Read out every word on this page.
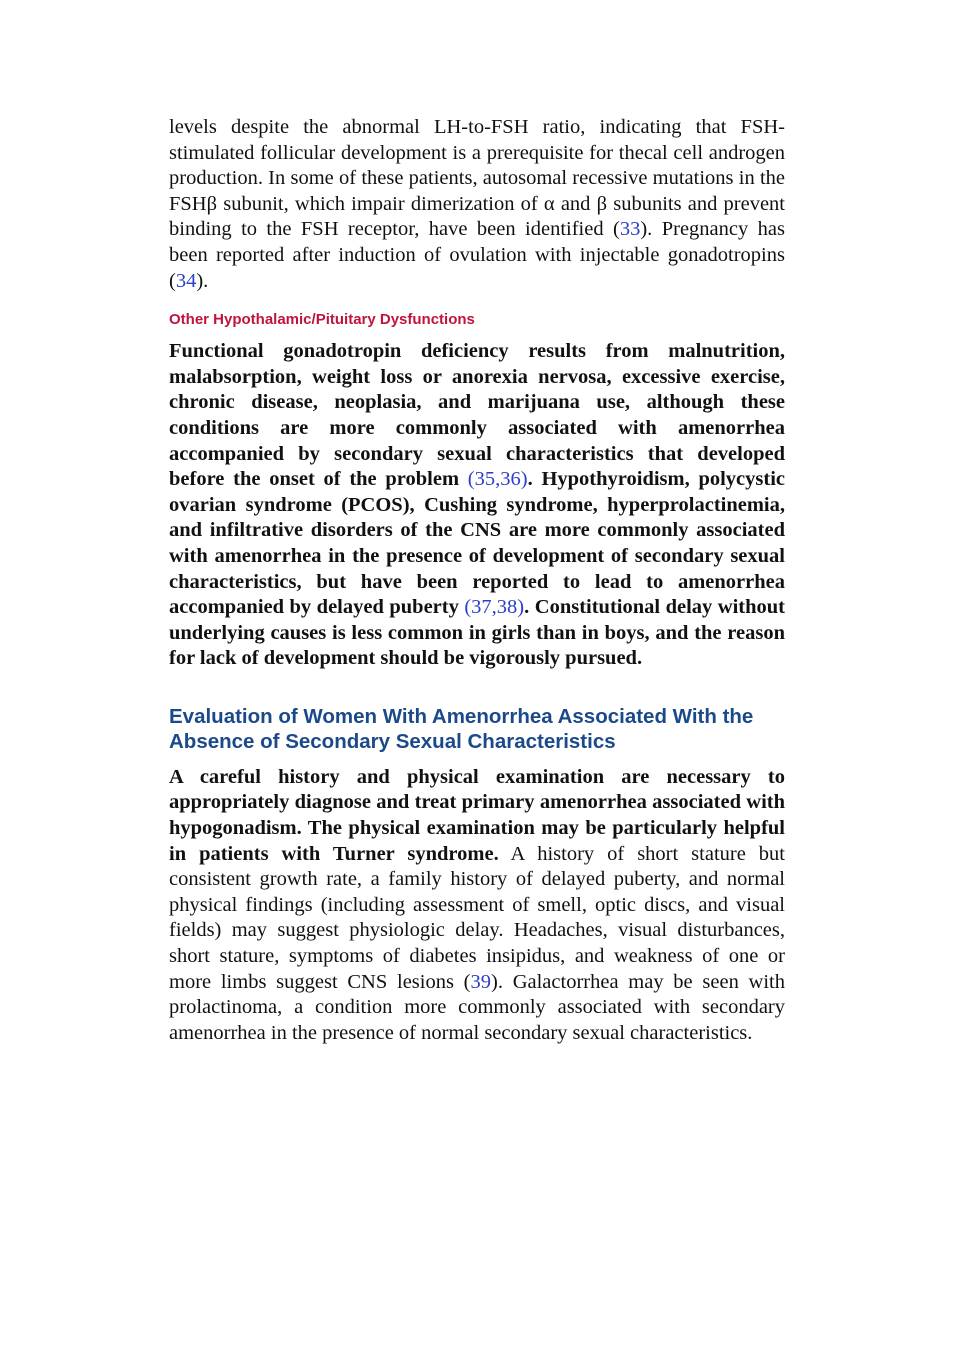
levels despite the abnormal LH-to-FSH ratio, indicating that FSH-stimulated follicular development is a prerequisite for thecal cell androgen production. In some of these patients, autosomal recessive mutations in the FSHβ subunit, which impair dimerization of α and β subunits and prevent binding to the FSH receptor, have been identified (33). Pregnancy has been reported after induction of ovulation with injectable gonadotropins (34).

Other Hypothalamic/Pituitary Dysfunctions

Functional gonadotropin deficiency results from malnutrition, malabsorption, weight loss or anorexia nervosa, excessive exercise, chronic disease, neoplasia, and marijuana use, although these conditions are more commonly associated with amenorrhea accompanied by secondary sexual characteristics that developed before the onset of the problem (35,36). Hypothyroidism, polycystic ovarian syndrome (PCOS), Cushing syndrome, hyperprolactinemia, and infiltrative disorders of the CNS are more commonly associated with amenorrhea in the presence of development of secondary sexual characteristics, but have been reported to lead to amenorrhea accompanied by delayed puberty (37,38). Constitutional delay without underlying causes is less common in girls than in boys, and the reason for lack of development should be vigorously pursued.

Evaluation of Women With Amenorrhea Associated With the Absence of Secondary Sexual Characteristics

A careful history and physical examination are necessary to appropriately diagnose and treat primary amenorrhea associated with hypogonadism. The physical examination may be particularly helpful in patients with Turner syndrome. A history of short stature but consistent growth rate, a family history of delayed puberty, and normal physical findings (including assessment of smell, optic discs, and visual fields) may suggest physiologic delay. Headaches, visual disturbances, short stature, symptoms of diabetes insipidus, and weakness of one or more limbs suggest CNS lesions (39). Galactorrhea may be seen with prolactinoma, a condition more commonly associated with secondary amenorrhea in the presence of normal secondary sexual characteristics.
